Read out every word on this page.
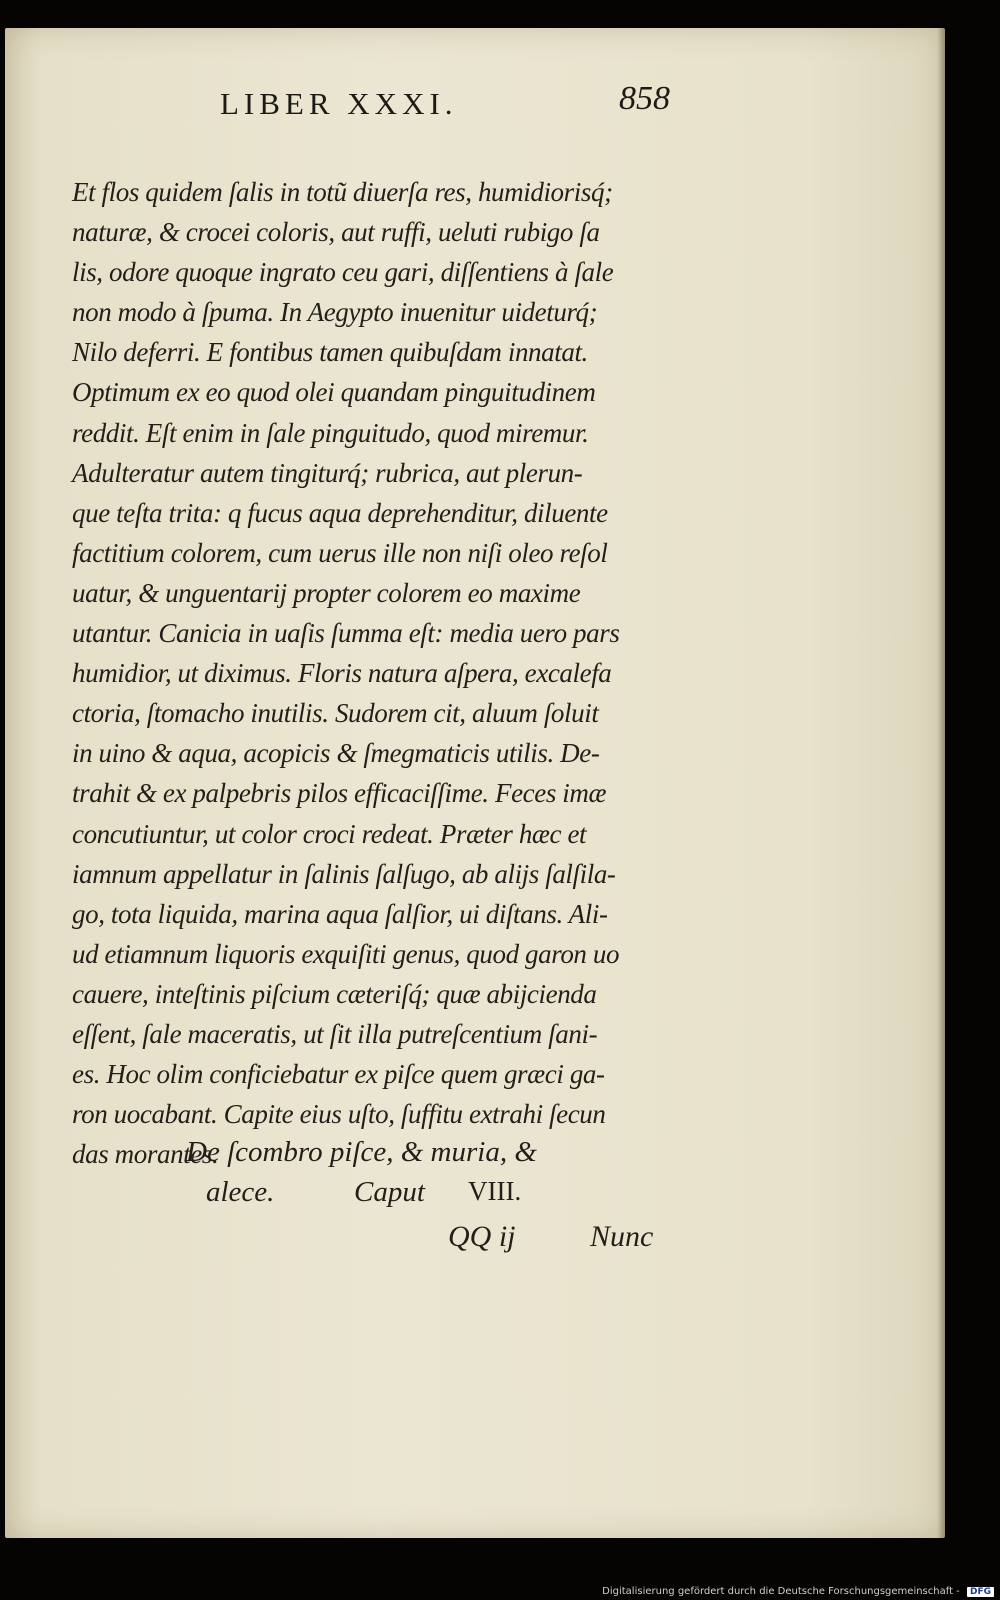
LIBER XXXI.	858
Et flos quidem ſalis in totũ diuerſa res, humidiorisq́;
naturæ, & crocei coloris, aut ruffi, ueluti rubigo ſa
lis, odore quoque ingrato ceu gari, diſſentiens à ſale
non modo à ſpuma. In Aegypto inuenitur uideturq́;
Nilo deferri. E fontibus tamen quibuſdam innatat.
Optimum ex eo quod olei quandam pinguitudinem
reddit. Eſt enim in ſale pinguitudo, quod miremur.
Adulteratur autem tingiturq́; rubrica, aut plerun-
que teſta trita: q fucus aqua deprehenditur, diluente
factitium colorem, cum uerus ille non niſi oleo reſol
uatur, & unguentarij propter colorem eo maxime
utantur. Canicia in uaſis ſumma eſt: media uero pars
humidior, ut diximus. Floris natura aſpera, excalefa
ctoria, ſtomacho inutilis. Sudorem cit, aluum ſoluit
in uino & aqua, acopicis & ſmegmaticis utilis. De-
trahit & ex palpebris pilos efficaciſſime. Feces imæ
concutiuntur, ut color croci redeat. Præter hæc et
iamnum appellatur in ſalinis ſalſugo, ab alijs ſalſila-
go, tota liquida, marina aqua ſalſior, ui diſtans. Ali-
ud etiamnum liquoris exquiſiti genus, quod garon uo
cauere, inteſtinis piſcium cæteriſq́; quæ abijcienda
eſſent, ſale maceratis, ut ſit illa putreſcentium ſani-
es. Hoc olim conficiebatur ex piſce quem græci ga-
ron uocabant. Capite eius uſto, ſuffitu extrahi ſecun
das morantes.
De ſcombro piſce, & muria, &
alece.	Caput VIII.
QQ ij Nunc
Digitalisierung gefördert durch die Deutsche Forschungsgemeinschaft - DFG
